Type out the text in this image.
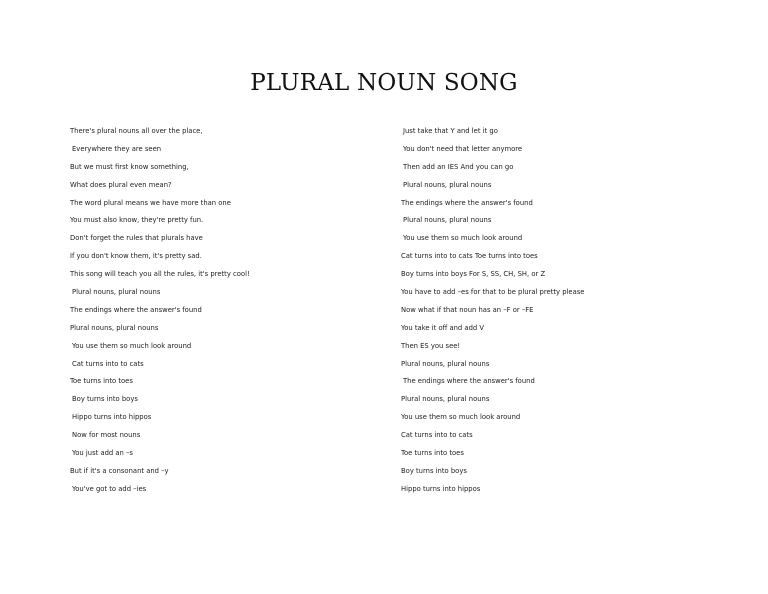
PLURAL NOUN SONG
There's plural nouns all over the place,
Everywhere they are seen
But we must first know something,
What does plural even mean?
The word plural means we have more than one
You must also know, they're pretty fun.
Don't forget the rules that plurals have
If you don't know them, it's pretty sad.
This song will teach you all the rules, it's pretty cool!
Plural nouns, plural nouns
The endings where the answer's found
Plural nouns, plural nouns
You use them so much look around
Cat turns into to cats
Toe turns into toes
Boy turns into boys
Hippo turns into hippos
Now for most nouns
You just add an –s
But if it's a consonant and –y
You've got to add –ies
Just take that Y and let it go
You don't need that letter anymore
Then add an IES And you can go
Plural nouns, plural nouns
The endings where the answer's found
Plural nouns, plural nouns
You use them so much look around
Cat turns into to cats Toe turns into toes
Boy turns into boys For S, SS, CH, SH, or Z
You have to add –es for that to be plural pretty please
Now what if that noun has an –F or –FE
You take it off and add V
Then ES you see!
Plural nouns, plural nouns
The endings where the answer's found
Plural nouns, plural nouns
You use them so much look around
Cat turns into to cats
Toe turns into toes
Boy turns into boys
Hippo turns into hippos
